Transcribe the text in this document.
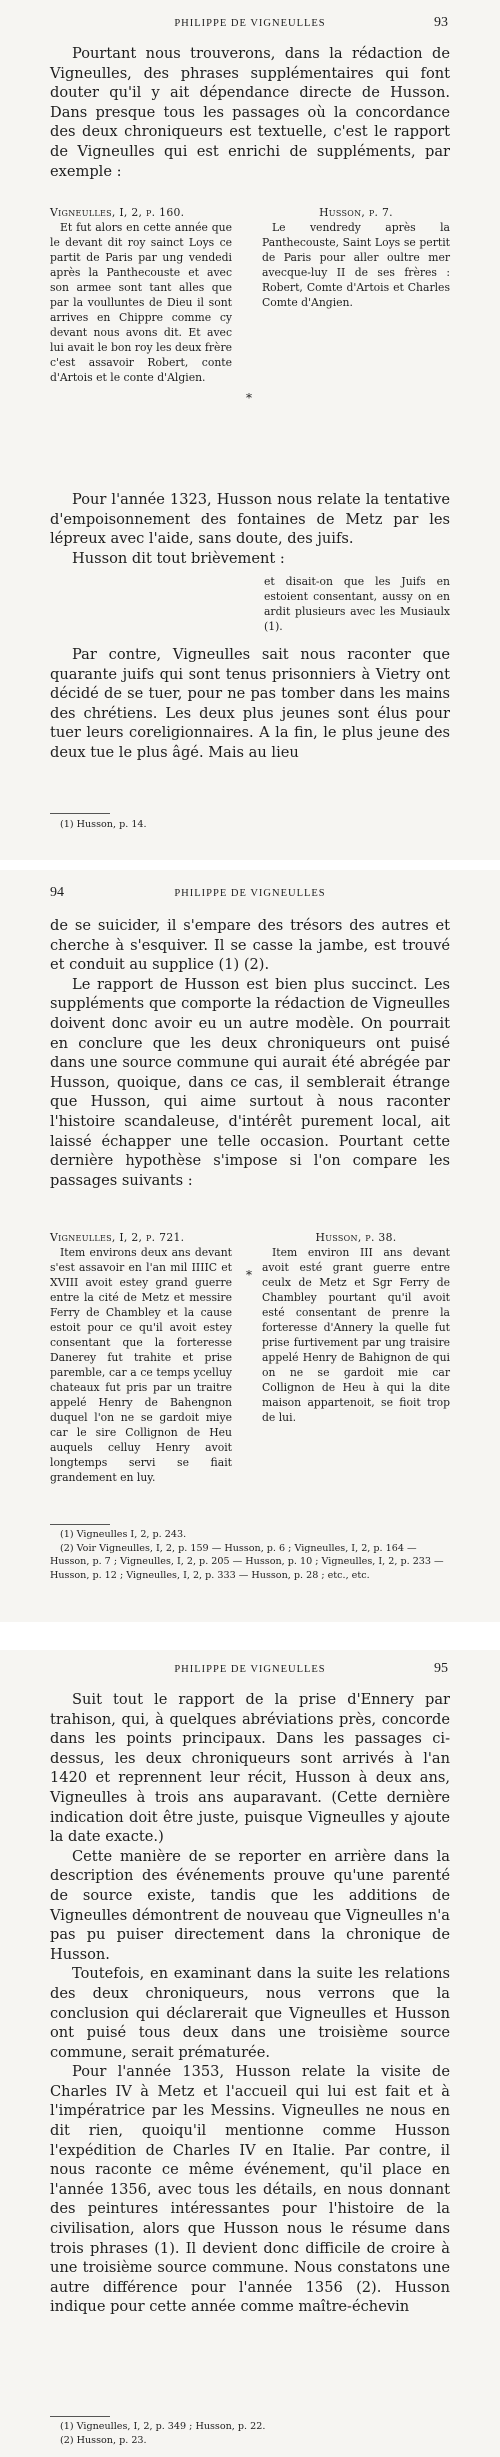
PHILIPPE DE VIGNEULLES	93

Pourtant nous trouverons, dans la rédaction de Vigneulles, des phrases supplémentaires qui font douter qu'il y ait dépendance directe de Husson. Dans presque tous les passages où la concordance des deux chroniqueurs est textuelle, c'est le rapport de Vigneulles qui est enrichi de suppléments, par exemple :

Vigneulles, I, 2, p. 160.

Et fut alors en cette année que le devant dit roy sainct Loys ce partit de Paris par ung vendedi après la Panthecouste et avec son armee sont tant alles que par la voulluntes de Dieu il sont arrives en Chippre comme cy devant nous avons dit. Et avec lui avait le bon roy les deux frère c'est assavoir Robert, conte d'Artois et le conte d'Algien.

Husson, p. 7.

Le vendredy après la Panthecouste, Saint Loys se pertit de Paris pour aller oultre mer avecque-luy II de ses frères : Robert, Comte d'Artois et Charles Comte d'Angien.

*

Pour l'année 1323, Husson nous relate la tentative d'empoisonnement des fontaines de Metz par les lépreux avec l'aide, sans doute, des juifs.

Husson dit tout brièvement :

et disait-on que les Juifs en estoient consentant, aussy on en ardit plusieurs avec les Musiaulx (1).

Par contre, Vigneulles sait nous raconter que quarante juifs qui sont tenus prisonniers à Vietry ont décidé de se tuer, pour ne pas tomber dans les mains des chrétiens. Les deux plus jeunes sont élus pour tuer leurs coreligionnaires. A la fin, le plus jeune des deux tue le plus âgé. Mais au lieu

(1) Husson, p. 14.

PHILIPPE DE VIGNEULLES
94

de se suicider, il s'empare des trésors des autres et cherche à s'esquiver. Il se casse la jambe, est trouvé et conduit au supplice (1) (2).

Le rapport de Husson est bien plus succinct. Les suppléments que comporte la rédaction de Vigneulles doivent donc avoir eu un autre modèle. On pourrait en conclure que les deux chroniqueurs ont puisé dans une source commune qui aurait été abrégée par Husson, quoique, dans ce cas, il semblerait étrange que Husson, qui aime surtout à nous raconter l'histoire scandaleuse, d'intérêt purement local, ait laissé échapper une telle occasion. Pourtant cette dernière hypothèse s'impose si l'on compare les passages suivants :

Vigneulles, I, 2, p. 721.

Item environs deux ans devant s'est assavoir en l'an mil IIIIC et XVIII avoit estey grand guerre entre la cité de Metz et messire Ferry de Chambley et la cause estoit pour ce qu'il avoit estey consentant que la forteresse Danerey fut trahite et prise paremble, car a ce temps ycelluy chateaux fut pris par un traitre appelé Henry de Bahengnon duquel l'on ne se gardoit miye car le sire Collignon de Heu auquels celluy Henry avoit longtemps servi se fiait grandement en luy.

Husson, p. 38.

Item environ III ans devant avoit esté grant guerre entre ceulx de Metz et Sgr Ferry de Chambley pourtant qu'il avoit esté consentant de prenre la forteresse d'Annery la quelle fut prise furtivement par ung traisire appelé Henry de Bahignon de qui on ne se gardoit mie car Collignon de Heu à qui la dite maison appartenoit, se fioit trop de lui.

*

(1) Vigneulles I, 2, p. 243.

(2) Voir Vigneulles, I, 2, p. 159 — Husson, p. 6 ; Vigneulles, I, 2, p. 164 — Husson, p. 7 ; Vigneulles, I, 2, p. 205 — Husson, p. 10 ; Vigneulles, I, 2, p. 233 — Husson, p. 12 ; Vigneulles, I, 2, p. 333 — Husson, p. 28 ; etc., etc.

PHILIPPE DE VIGNEULLES	95

Suit tout le rapport de la prise d'Ennery par trahison, qui, à quelques abréviations près, concorde dans les points principaux. Dans les passages ci-dessus, les deux chroniqueurs sont arrivés à l'an 1420 et reprennent leur récit, Husson à deux ans, Vigneulles à trois ans auparavant. (Cette dernière indication doit être juste, puisque Vigneulles y ajoute la date exacte.)

Cette manière de se reporter en arrière dans la description des événements prouve qu'une parenté de source existe, tandis que les additions de Vigneulles démontrent de nouveau que Vigneulles n'a pas pu puiser directement dans la chronique de Husson.

Toutefois, en examinant dans la suite les relations des deux chroniqueurs, nous verrons que la conclusion qui déclarerait que Vigneulles et Husson ont puisé tous deux dans une troisième source commune, serait prématurée.

Pour l'année 1353, Husson relate la visite de Charles IV à Metz et l'accueil qui lui est fait et à l'impératrice par les Messins. Vigneulles ne nous en dit rien, quoiqu'il mentionne comme Husson l'expédition de Charles IV en Italie. Par contre, il nous raconte ce même événement, qu'il place en l'année 1356, avec tous les détails, en nous donnant des peintures intéressantes pour l'histoire de la civilisation, alors que Husson nous le résume dans trois phrases (1). Il devient donc difficile de croire à une troisième source commune. Nous constatons une autre différence pour l'année 1356 (2). Husson indique pour cette année comme maître-échevin

(1) Vigneulles, I, 2, p. 349 ; Husson, p. 22.

(2) Husson, p. 23.
